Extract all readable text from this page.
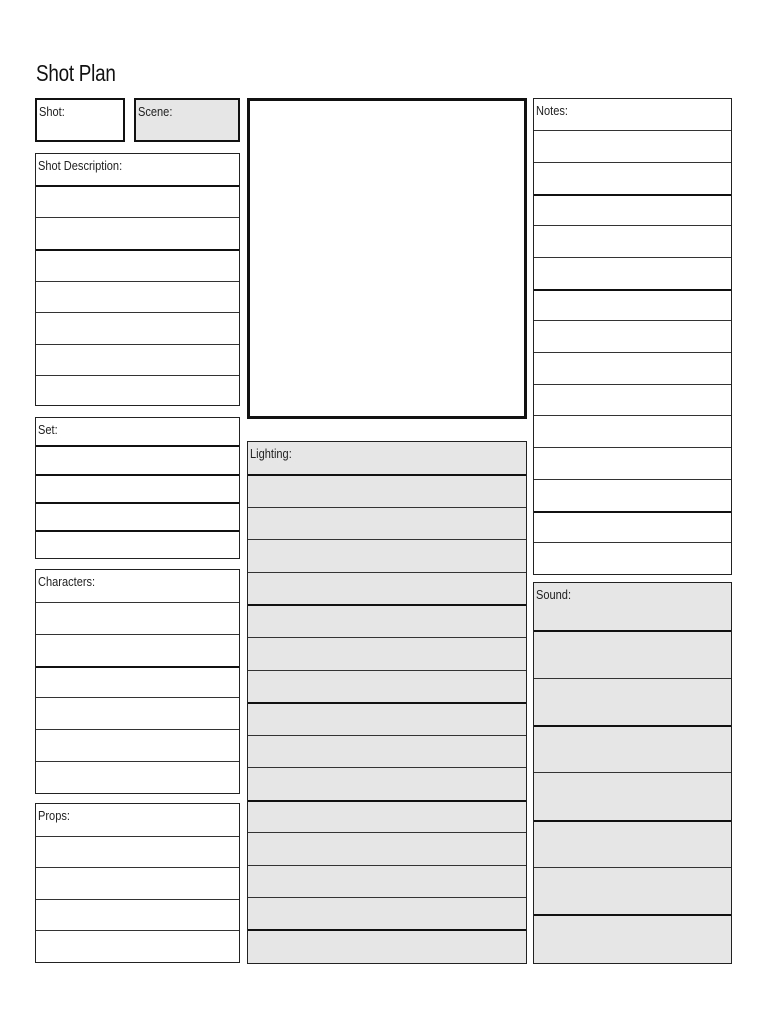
Shot Plan
Shot:	Scene:
Shot Description:
Set:
Characters:
Props:
Lighting:
Notes:
Sound:
